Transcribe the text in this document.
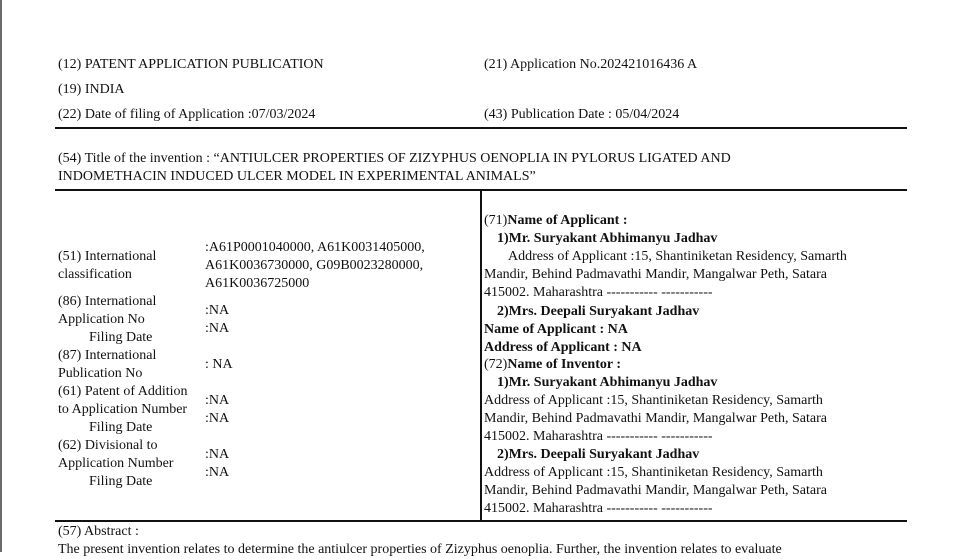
(12) PATENT APPLICATION PUBLICATION	(21) Application No.202421016436 A
(19) INDIA
(22) Date of filing of Application :07/03/2024	(43) Publication Date : 05/04/2024
(54) Title of the invention : “ANTIULCER PROPERTIES OF ZIZYPHUS OENOPLIA IN PYLORUS LIGATED AND
INDOMETHACIN INDUCED ULCER MODEL IN EXPERIMENTAL ANIMALS”
(51) International
classification
:A61P0001040000, A61K0031405000,
A61K0036730000, G09B0023280000,
A61K0036725000
(86) International
Application No
Filing Date
:NA
:NA
(87) International
Publication No
: NA
(61) Patent of Addition
to Application Number
Filing Date
:NA
:NA
(62) Divisional to
Application Number
Filing Date
:NA
:NA
(71)Name of Applicant :
1)Mr. Suryakant Abhimanyu Jadhav
Address of Applicant :15, Shantiniketan Residency, Samarth
Mandir, Behind Padmavathi Mandir, Mangalwar Peth, Satara
415002. Maharashtra ----------- -----------
2)Mrs. Deepali Suryakant Jadhav
Name of Applicant : NA
Address of Applicant : NA
(72)Name of Inventor :
1)Mr. Suryakant Abhimanyu Jadhav
Address of Applicant :15, Shantiniketan Residency, Samarth
Mandir, Behind Padmavathi Mandir, Mangalwar Peth, Satara
415002. Maharashtra ----------- -----------
2)Mrs. Deepali Suryakant Jadhav
Address of Applicant :15, Shantiniketan Residency, Samarth
Mandir, Behind Padmavathi Mandir, Mangalwar Peth, Satara
415002. Maharashtra ----------- -----------
(57) Abstract :
The present invention relates to determine the antiulcer properties of Zizyphus oenoplia. Further, the invention relates to evaluate
